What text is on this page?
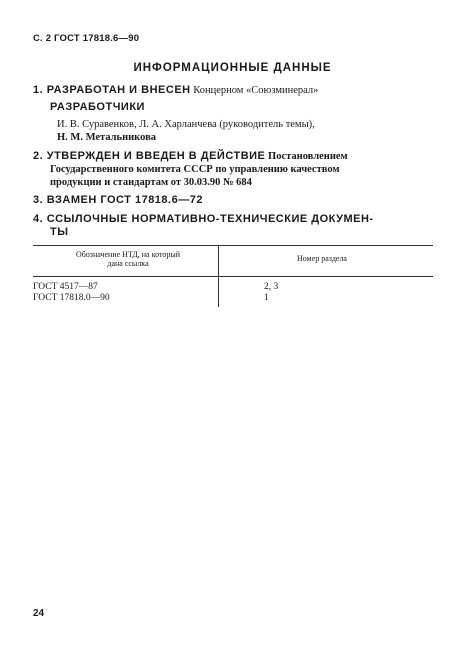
С. 2 ГОСТ 17818.6—90
ИНФОРМАЦИОННЫЕ ДАННЫЕ
1. РАЗРАБОТАН И ВНЕСЕН Концерном «Союзминерал»
РАЗРАБОТЧИКИ
И. В. Суравенков, Л. А. Харланчева (руководитель темы),
Н. М. Метальникова
2. УТВЕРЖДЕН И ВВЕДЕН В ДЕЙСТВИЕ Постановлением
Государственного комитета СССР по управлению качеством
продукции и стандартам от 30.03.90 № 684
3. ВЗАМЕН ГОСТ 17818.6—72
4. ССЫЛОЧНЫЕ НОРМАТИВНО-ТЕХНИЧЕСКИЕ ДОКУМЕН-
ТЫ
Обозначение НТД, на который
дана ссылка
Номер раздела
ГОСТ 4517—87	2, 3
ГОСТ 17818.0—90	1
24
